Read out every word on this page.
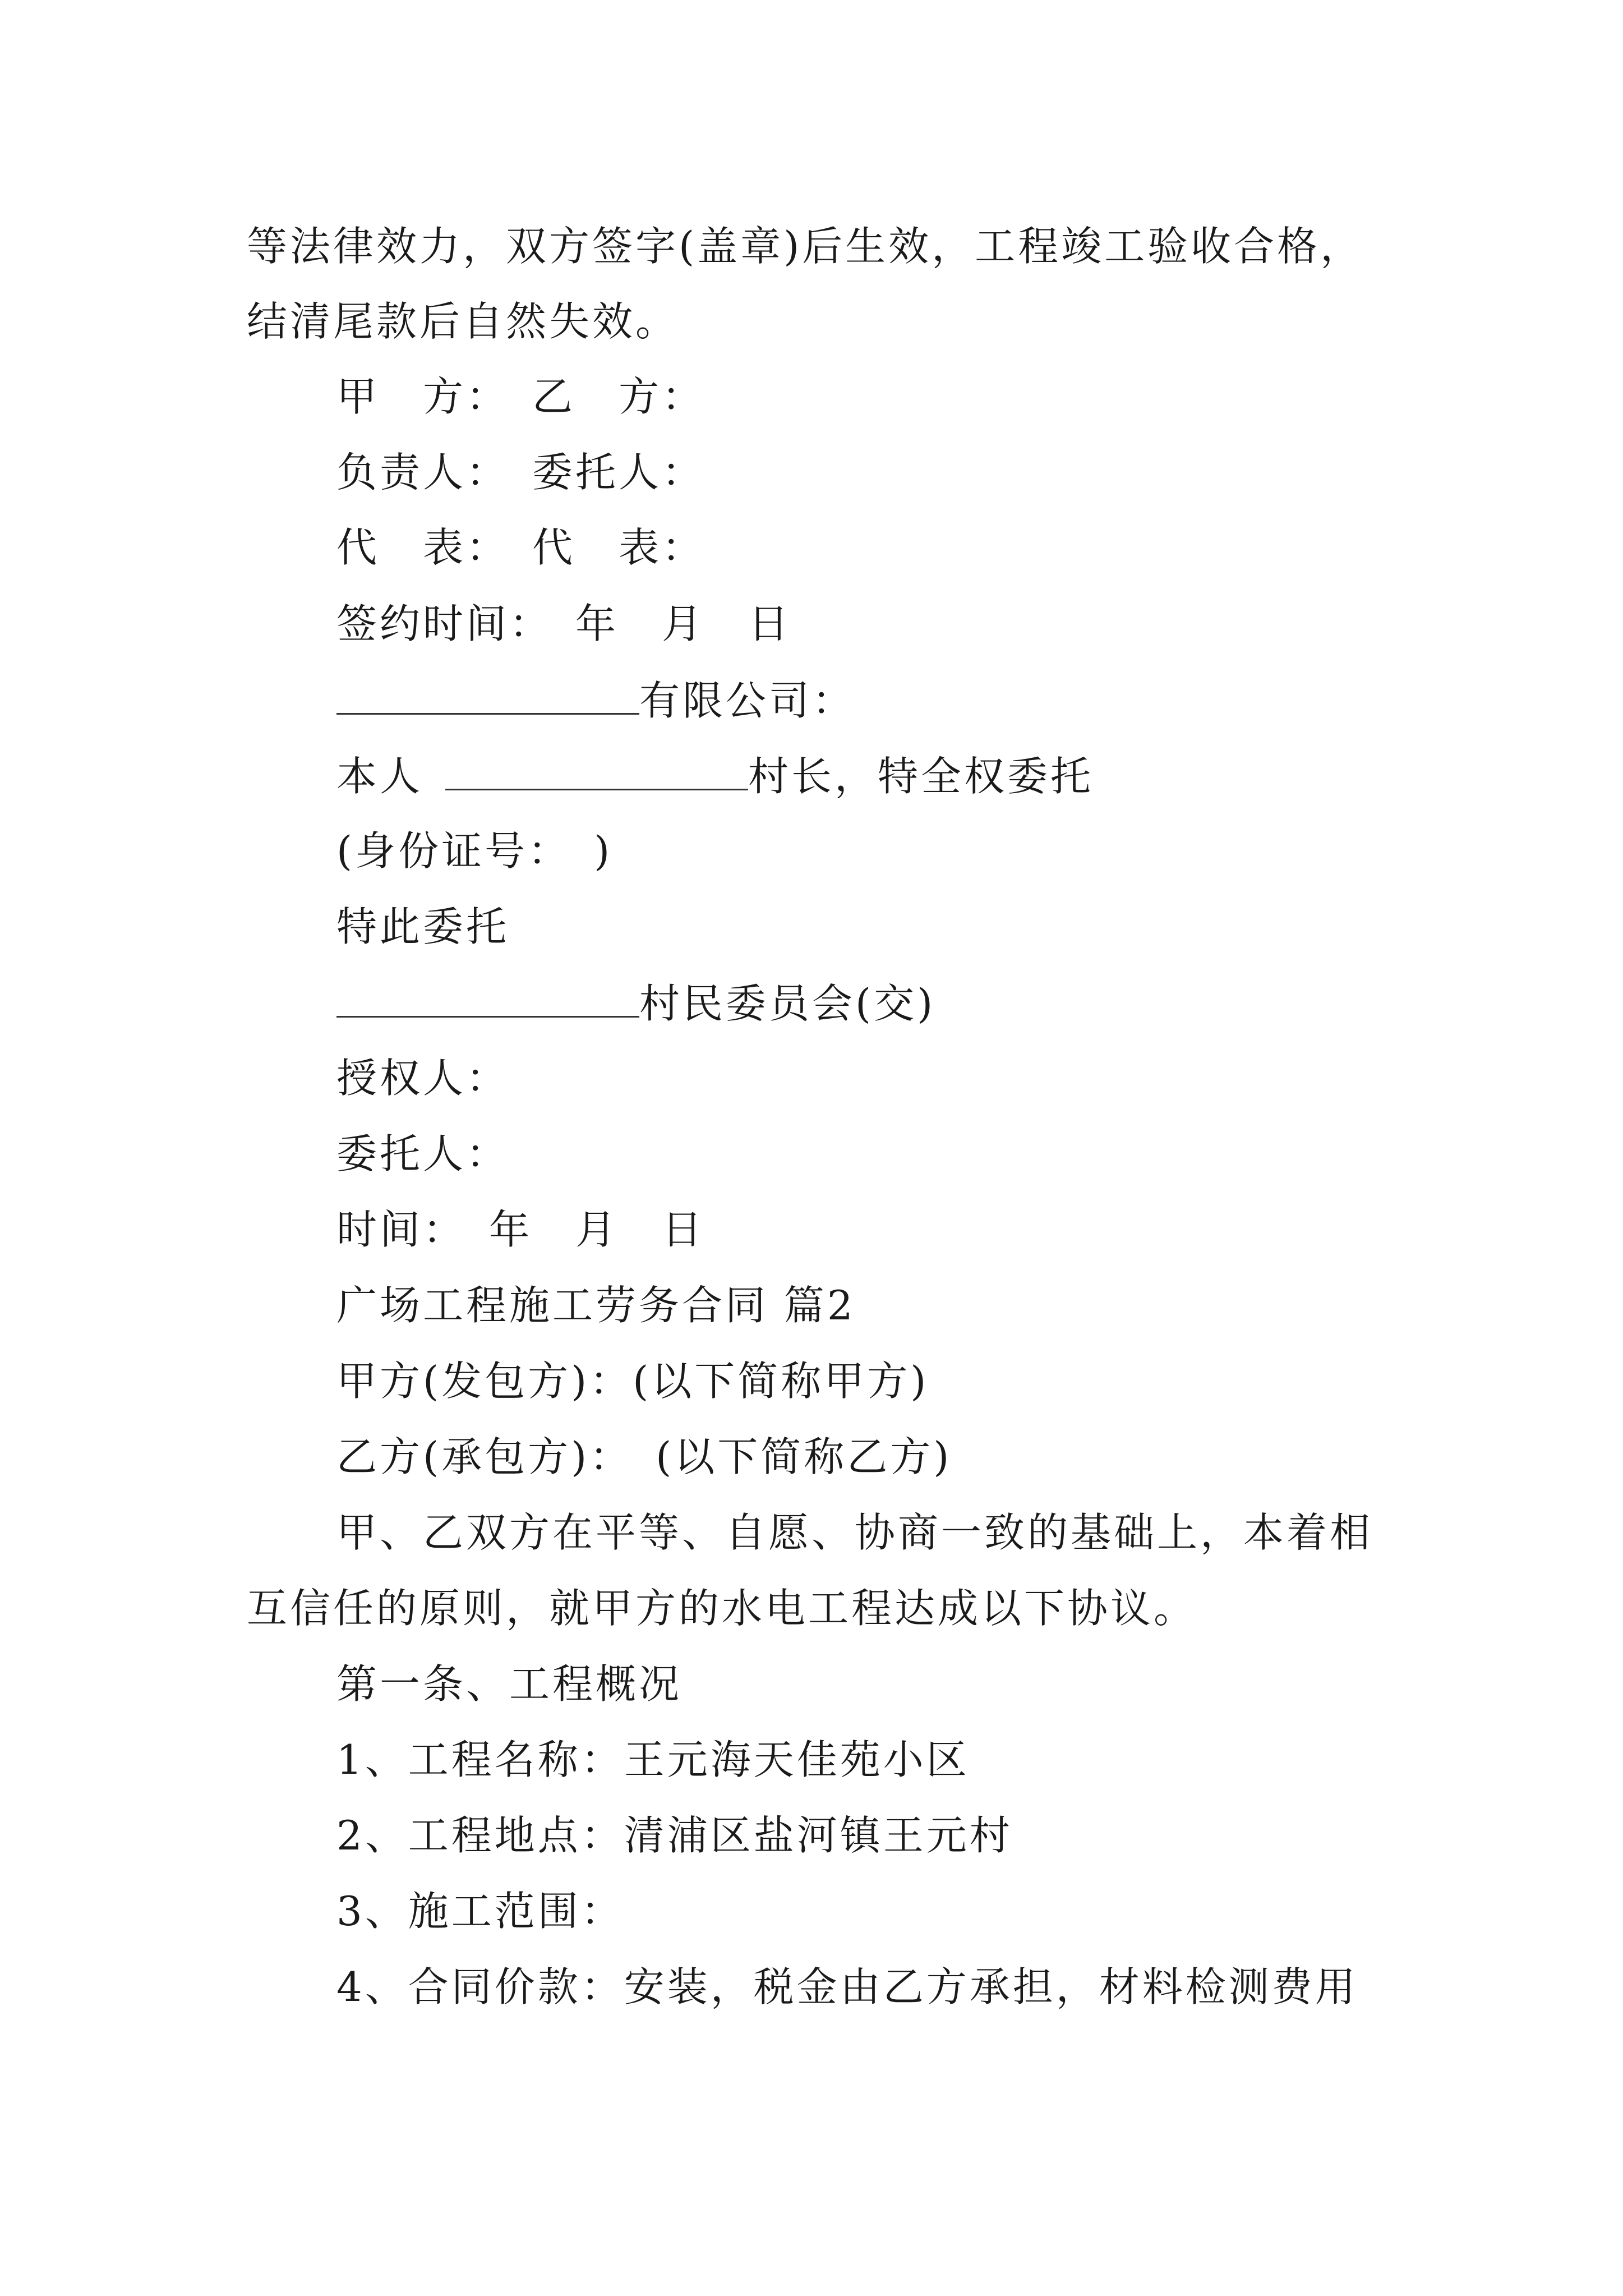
等法律效力，双方签字(盖章)后生效，工程竣工验收合格，
结清尾款后自然失效。
甲　方：　乙　方：
负责人：　委托人：
代　表：　代　表：
签约时间：　年　月　日
有限公司：
本人	村长，特全权委托
(身份证号：　)
特此委托
村民委员会(交)
授权人：
委托人：
时间：　年　月　日
广场工程施工劳务合同 篇2
甲方(发包方)：(以下简称甲方)
乙方(承包方)：　(以下简称乙方)
甲、乙双方在平等、自愿、协商一致的基础上，本着相
互信任的原则，就甲方的水电工程达成以下协议。
第一条、工程概况
1、工程名称：王元海天佳苑小区
2、工程地点：清浦区盐河镇王元村
3、施工范围：
4、合同价款：安装，税金由乙方承担，材料检测费用
